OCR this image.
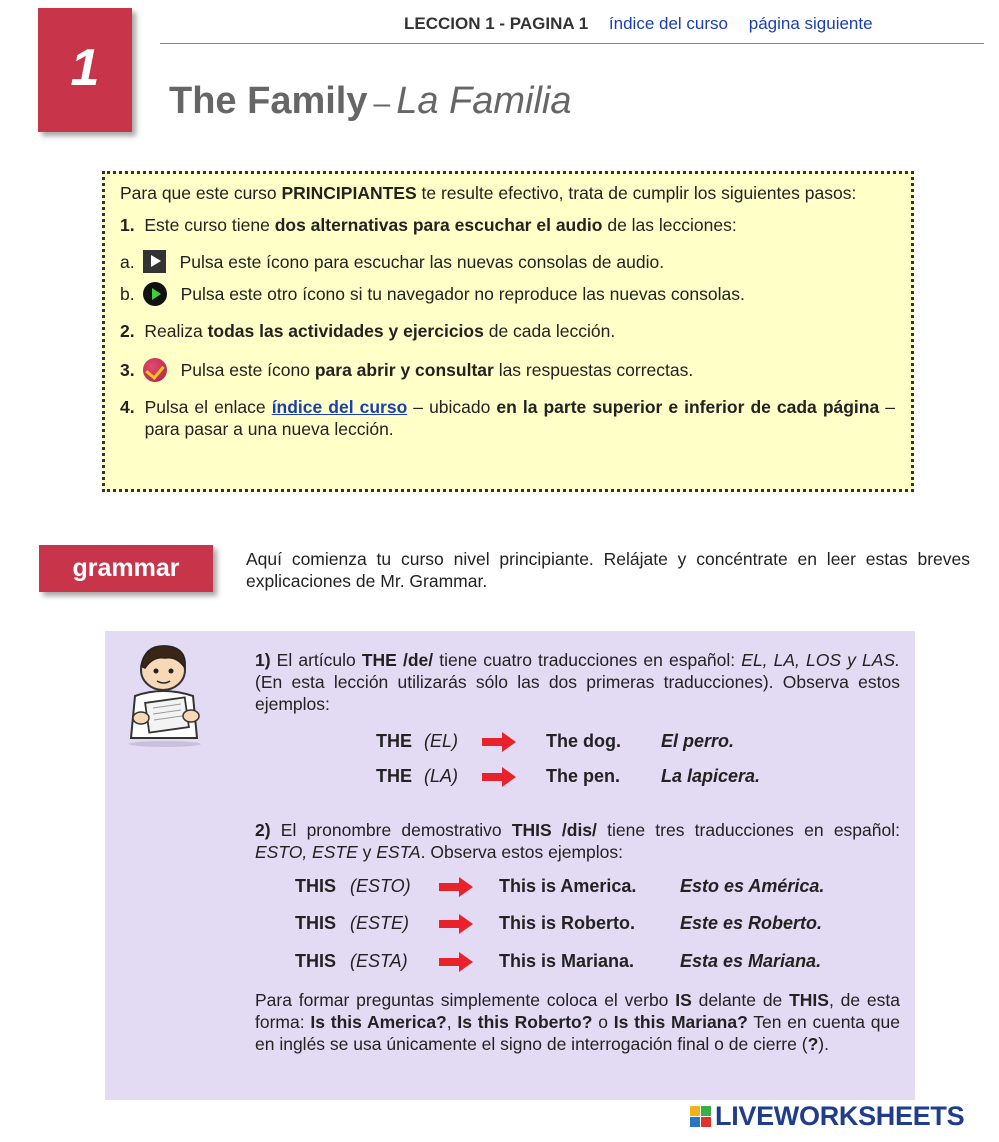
1
LECCION 1 - PAGINA 1 índice del curso página siguiente
The Family – La Familia

Para que este curso PRINCIPIANTES te resulte efectivo, trata de cumplir los siguientes pasos:

1. Este curso tiene dos alternativas para escuchar el audio de las lecciones:

a.	Pulsa este ícono para escuchar las nuevas consolas de audio.
b.	Pulsa este otro ícono si tu navegador no reproduce las nuevas consolas.

2. Realiza todas las actividades y ejercicios de cada lección.

3.	Pulsa este ícono para abrir y consultar las respuestas correctas.
4. Pulsa el enlace índice del curso – ubicado en la parte superior e inferior de cada página – para pasar a una nueva lección.

grammar	Aquí comienza tu curso nivel principiante. Relájate y concéntrate en leer estas breves explicaciones de Mr. Grammar.
1) El artículo THE /de/ tiene cuatro traducciones en español: EL, LA, LOS y LAS. (En esta lección utilizarás sólo las dos primeras traducciones). Observa estos ejemplos:
THE (EL)	The dog. El perro.
THE (LA)	The pen. La lapicera.
2) El pronombre demostrativo THIS /dis/ tiene tres traducciones en español: ESTO, ESTE y ESTA. Observa estos ejemplos:
THIS (ESTO)	This is America. Esto es América.
THIS (ESTE)	This is Roberto. Este es Roberto.
THIS (ESTA)	This is Mariana.	Esta es Mariana.
Para formar preguntas simplemente coloca el verbo IS delante de THIS, de esta forma: Is this America?, Is this Roberto? o Is this Mariana? Ten en cuenta que en inglés se usa únicamente el signo de interrogación final o de cierre (?).
LIVEWORKSHEETS
